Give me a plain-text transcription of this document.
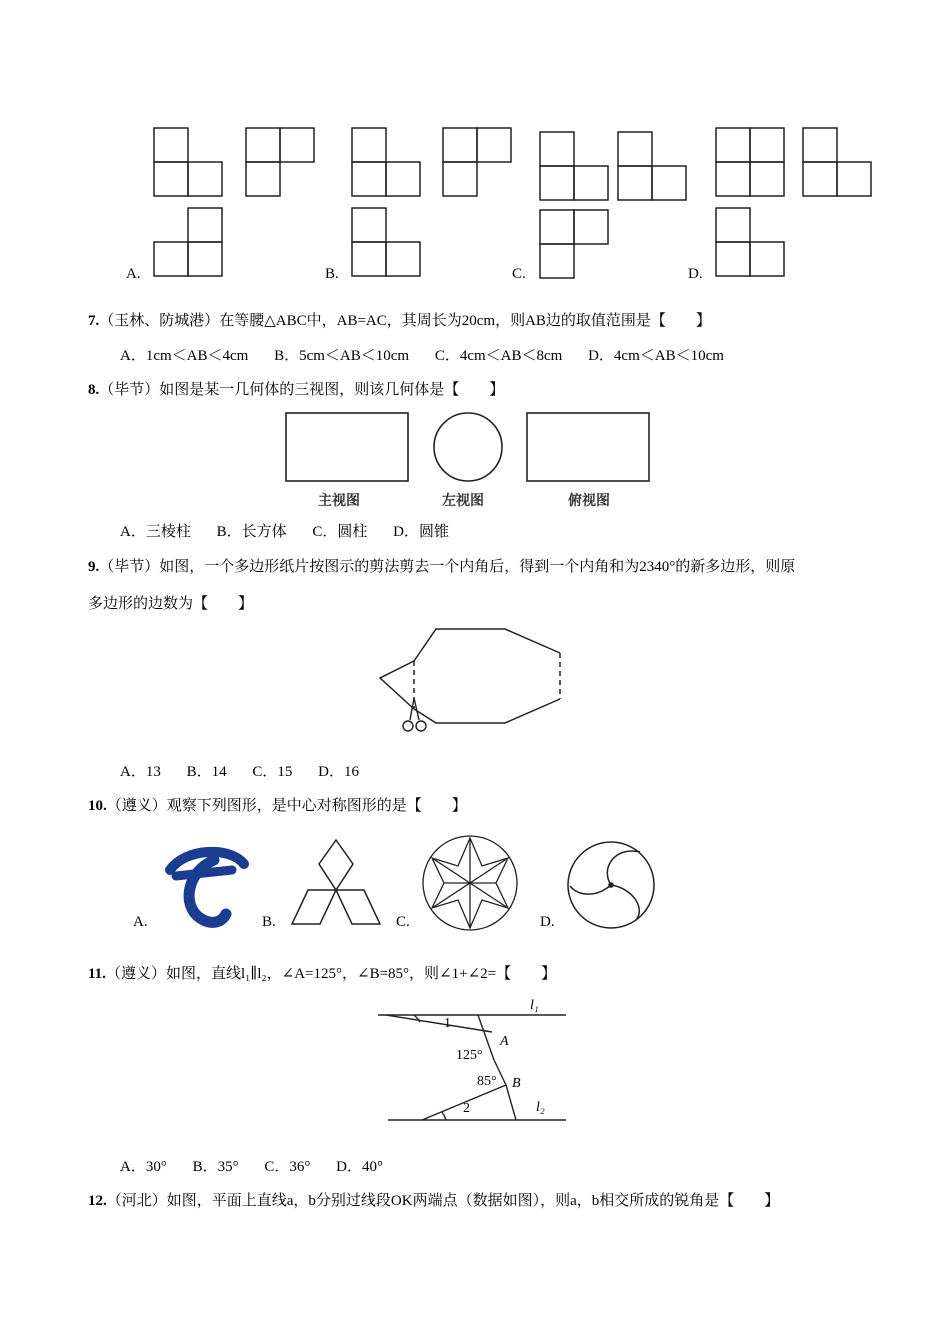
A.	B.	C.	D.
7.（玉林、防城港）在等腰△ABC中，AB=AC，其周长为20cm，则AB边的取值范围是【　　】
A．1cm＜AB＜4cm B．5cm＜AB＜10cm C．4cm＜AB＜8cm D．4cm＜AB＜10cm
8.（毕节）如图是某一几何体的三视图，则该几何体是【　　】
主视图	左视图	俯视图
A．三棱柱 B．长方体 C．圆柱 D．圆锥
9.（毕节）如图，一个多边形纸片按图示的剪法剪去一个内角后，得到一个内角和为2340°的新多边形，则原
多边形的边数为【　　】
A．13 B．14 C．15 D．16
10.（遵义）观察下列图形，是中心对称图形的是【　　】
A.	B.	C.	D.
11.（遵义）如图，直线l₁∥l₂，∠A=125°，∠B=85°，则∠1+∠2=【　　】
l₁
l₂
1
2
A
B
125°
85°
A．30° B．35° C．36° D．40°
12.（河北）如图，平面上直线a，b分别过线段OK两端点（数据如图），则a，b相交所成的锐角是【　　】
